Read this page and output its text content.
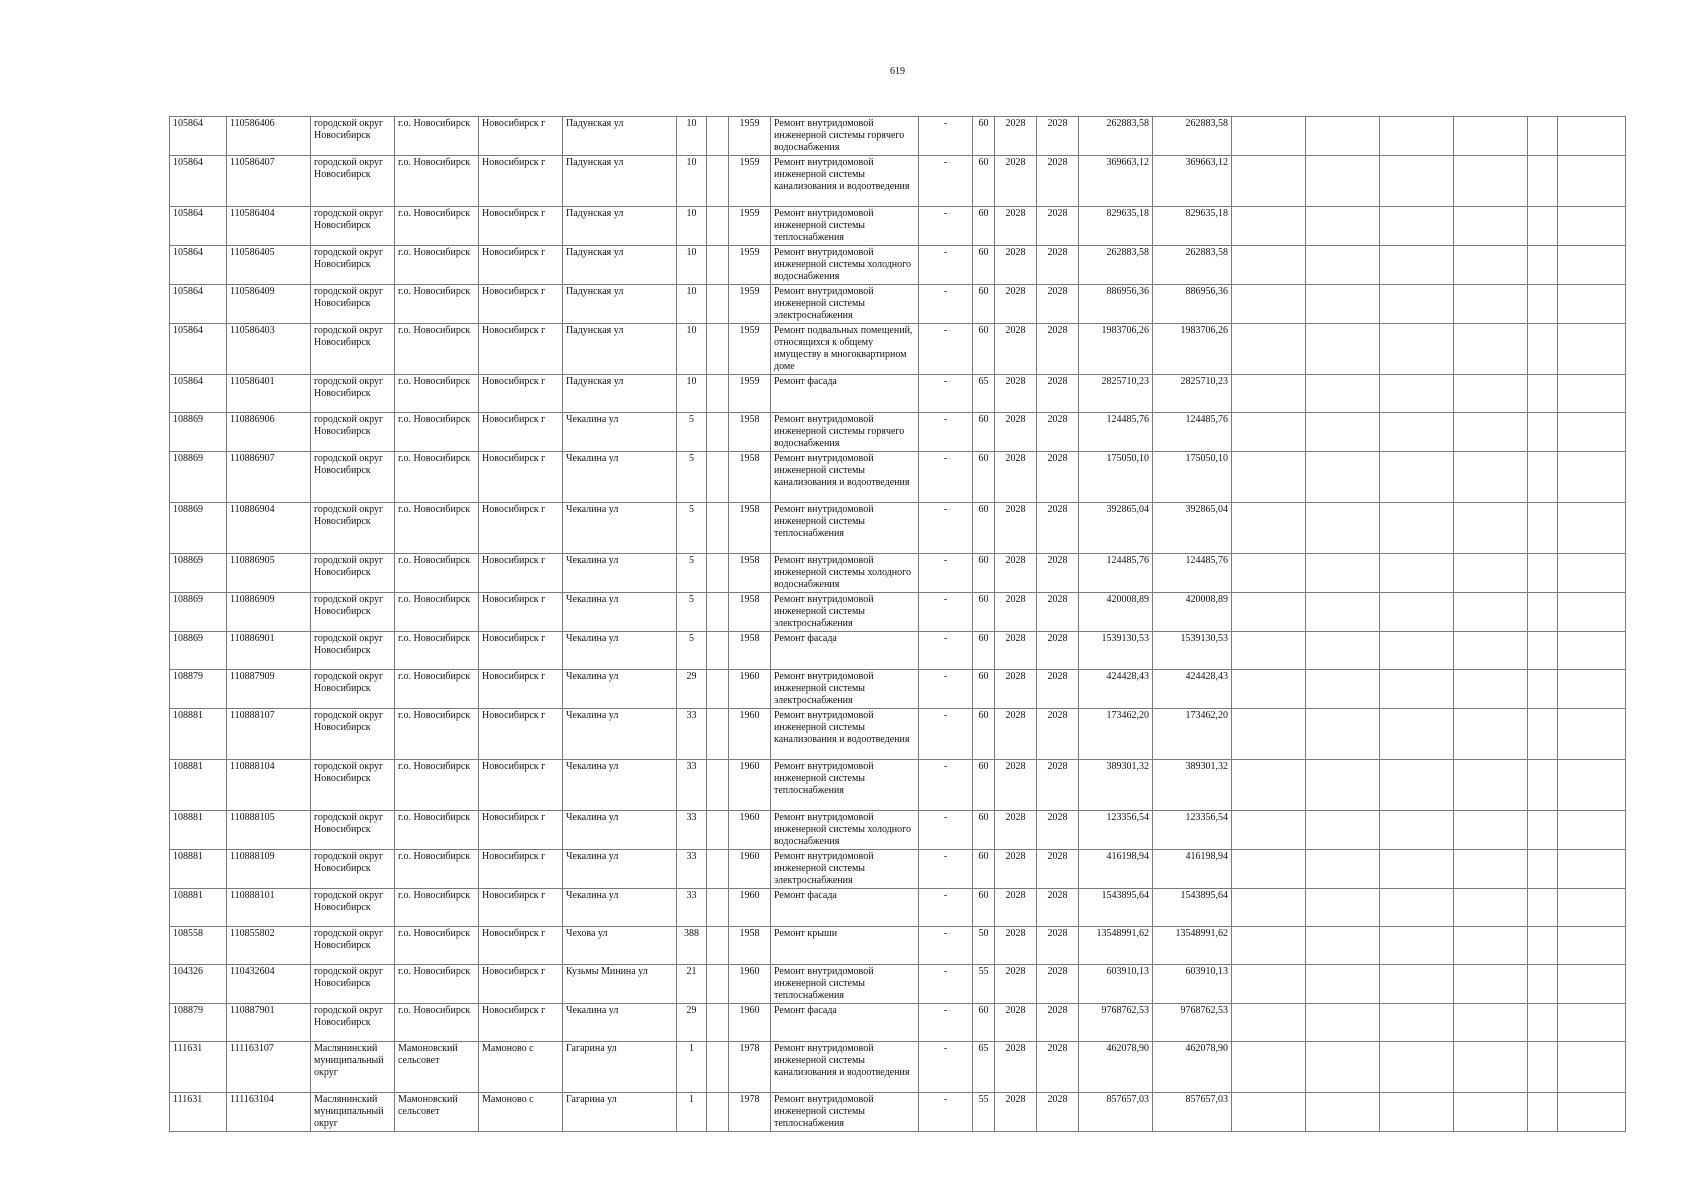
619
105864	110586406	городской округ Новосибирск	г.о. Новосибирск	Новосибирск г	Падунская ул	10		1959	Ремонт внутридомовой инженерной системы горячего водоснабжения	-	60	2028	2028	262883,58	262883,58						
105864	110586407	городской округ Новосибирск	г.о. Новосибирск	Новосибирск г	Падунская ул	10		1959	Ремонт внутридомовой инженерной системы канализования и водоотведения	-	60	2028	2028	369663,12	369663,12						
105864	110586404	городской округ Новосибирск	г.о. Новосибирск	Новосибирск г	Падунская ул	10		1959	Ремонт внутридомовой инженерной системы теплоснабжения	-	60	2028	2028	829635,18	829635,18						
105864	110586405	городской округ Новосибирск	г.о. Новосибирск	Новосибирск г	Падунская ул	10		1959	Ремонт внутридомовой инженерной системы холодного водоснабжения	-	60	2028	2028	262883,58	262883,58						
105864	110586409	городской округ Новосибирск	г.о. Новосибирск	Новосибирск г	Падунская ул	10		1959	Ремонт внутридомовой инженерной системы электроснабжения	-	60	2028	2028	886956,36	886956,36						
105864	110586403	городской округ Новосибирск	г.о. Новосибирск	Новосибирск г	Падунская ул	10		1959	Ремонт подвальных помещений, относящихся к общему имуществу в многоквартирном доме	-	60	2028	2028	1983706,26	1983706,26						
105864	110586401	городской округ Новосибирск	г.о. Новосибирск	Новосибирск г	Падунская ул	10		1959	Ремонт фасада	-	65	2028	2028	2825710,23	2825710,23						
108869	110886906	городской округ Новосибирск	г.о. Новосибирск	Новосибирск г	Чекалина ул	5		1958	Ремонт внутридомовой инженерной системы горячего водоснабжения	-	60	2028	2028	124485,76	124485,76						
108869	110886907	городской округ Новосибирск	г.о. Новосибирск	Новосибирск г	Чекалина ул	5		1958	Ремонт внутридомовой инженерной системы канализования и водоотведения	-	60	2028	2028	175050,10	175050,10						
108869	110886904	городской округ Новосибирск	г.о. Новосибирск	Новосибирск г	Чекалина ул	5		1958	Ремонт внутридомовой инженерной системы теплоснабжения	-	60	2028	2028	392865,04	392865,04						
108869	110886905	городской округ Новосибирск	г.о. Новосибирск	Новосибирск г	Чекалина ул	5		1958	Ремонт внутридомовой инженерной системы холодного водоснабжения	-	60	2028	2028	124485,76	124485,76						
108869	110886909	городской округ Новосибирск	г.о. Новосибирск	Новосибирск г	Чекалина ул	5		1958	Ремонт внутридомовой инженерной системы электроснабжения	-	60	2028	2028	420008,89	420008,89						
108869	110886901	городской округ Новосибирск	г.о. Новосибирск	Новосибирск г	Чекалина ул	5		1958	Ремонт фасада	-	60	2028	2028	1539130,53	1539130,53						
108879	110887909	городской округ Новосибирск	г.о. Новосибирск	Новосибирск г	Чекалина ул	29		1960	Ремонт внутридомовой инженерной системы электроснабжения	-	60	2028	2028	424428,43	424428,43						
108881	110888107	городской округ Новосибирск	г.о. Новосибирск	Новосибирск г	Чекалина ул	33		1960	Ремонт внутридомовой инженерной системы канализования и водоотведения	-	60	2028	2028	173462,20	173462,20						
108881	110888104	городской округ Новосибирск	г.о. Новосибирск	Новосибирск г	Чекалина ул	33		1960	Ремонт внутридомовой инженерной системы теплоснабжения	-	60	2028	2028	389301,32	389301,32						
108881	110888105	городской округ Новосибирск	г.о. Новосибирск	Новосибирск г	Чекалина ул	33		1960	Ремонт внутридомовой инженерной системы холодного водоснабжения	-	60	2028	2028	123356,54	123356,54						
108881	110888109	городской округ Новосибирск	г.о. Новосибирск	Новосибирск г	Чекалина ул	33		1960	Ремонт внутридомовой инженерной системы электроснабжения	-	60	2028	2028	416198,94	416198,94						
108881	110888101	городской округ Новосибирск	г.о. Новосибирск	Новосибирск г	Чекалина ул	33		1960	Ремонт фасада	-	60	2028	2028	1543895,64	1543895,64						
108558	110855802	городской округ Новосибирск	г.о. Новосибирск	Новосибирск г	Чехова ул	388		1958	Ремонт крыши	-	50	2028	2028	13548991,62	13548991,62						
104326	110432604	городской округ Новосибирск	г.о. Новосибирск	Новосибирск г	Кузьмы Минина ул	21		1960	Ремонт внутридомовой инженерной системы теплоснабжения	-	55	2028	2028	603910,13	603910,13						
108879	110887901	городской округ Новосибирск	г.о. Новосибирск	Новосибирск г	Чекалина ул	29		1960	Ремонт фасада	-	60	2028	2028	9768762,53	9768762,53						
111631	111163107	Маслянинский муниципальный округ	Мамоновский сельсовет	Мамоново с	Гагарина ул	1		1978	Ремонт внутридомовой инженерной системы канализования и водоотведения	-	65	2028	2028	462078,90	462078,90						
111631	111163104	Маслянинский муниципальный округ	Мамоновский сельсовет	Мамоново с	Гагарина ул	1		1978	Ремонт внутридомовой инженерной системы теплоснабжения	-	55	2028	2028	857657,03	857657,03						
